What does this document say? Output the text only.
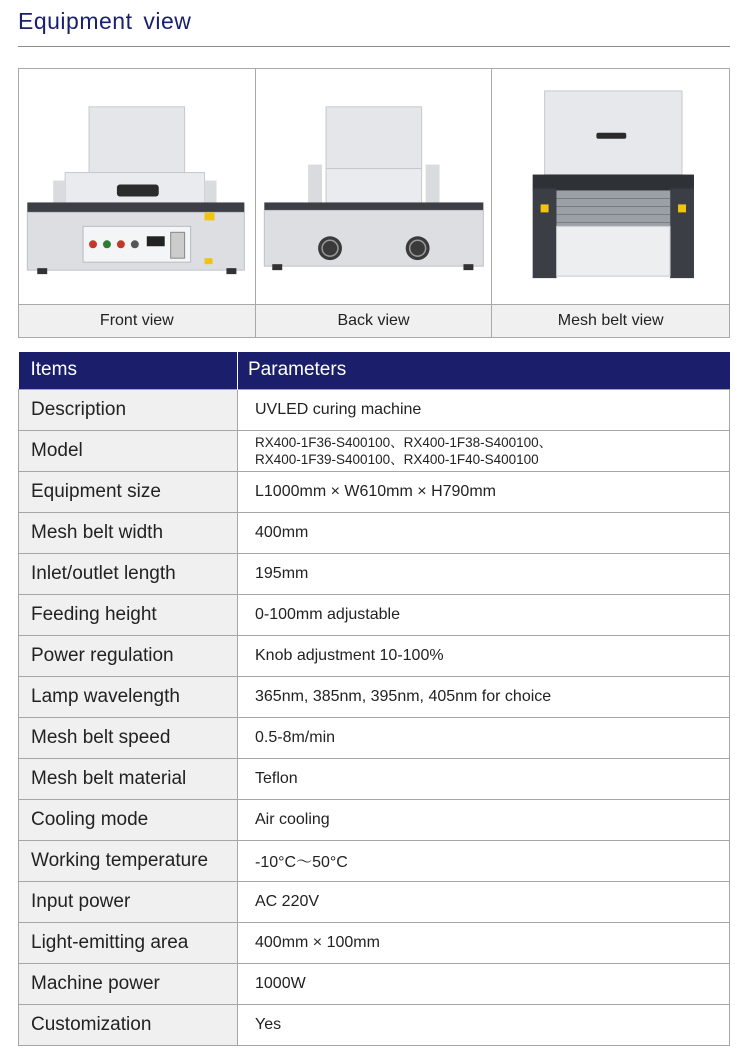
Equipment view
Front view	Back view	Mesh belt view
Items	Parameters
Description	UVLED curing machine
Model	RX400-1F36-S400100、RX400-1F38-S400100、
RX400-1F39-S400100、RX400-1F40-S400100

Equipment size	L1000mm × W610mm × H790mm
Mesh belt width	400mm
Inlet/outlet length	195mm
Feeding height	0-100mm adjustable
Power regulation	Knob adjustment 10-100%
Lamp wavelength	365nm, 385nm, 395nm, 405nm for choice
Mesh belt speed	0.5-8m/min
Mesh belt material	Teflon
Cooling mode	Air cooling
Working temperature	-10°C～50°C
Input power	AC 220V
Light-emitting area	400mm × 100mm
Machine power	1000W
Customization	Yes
